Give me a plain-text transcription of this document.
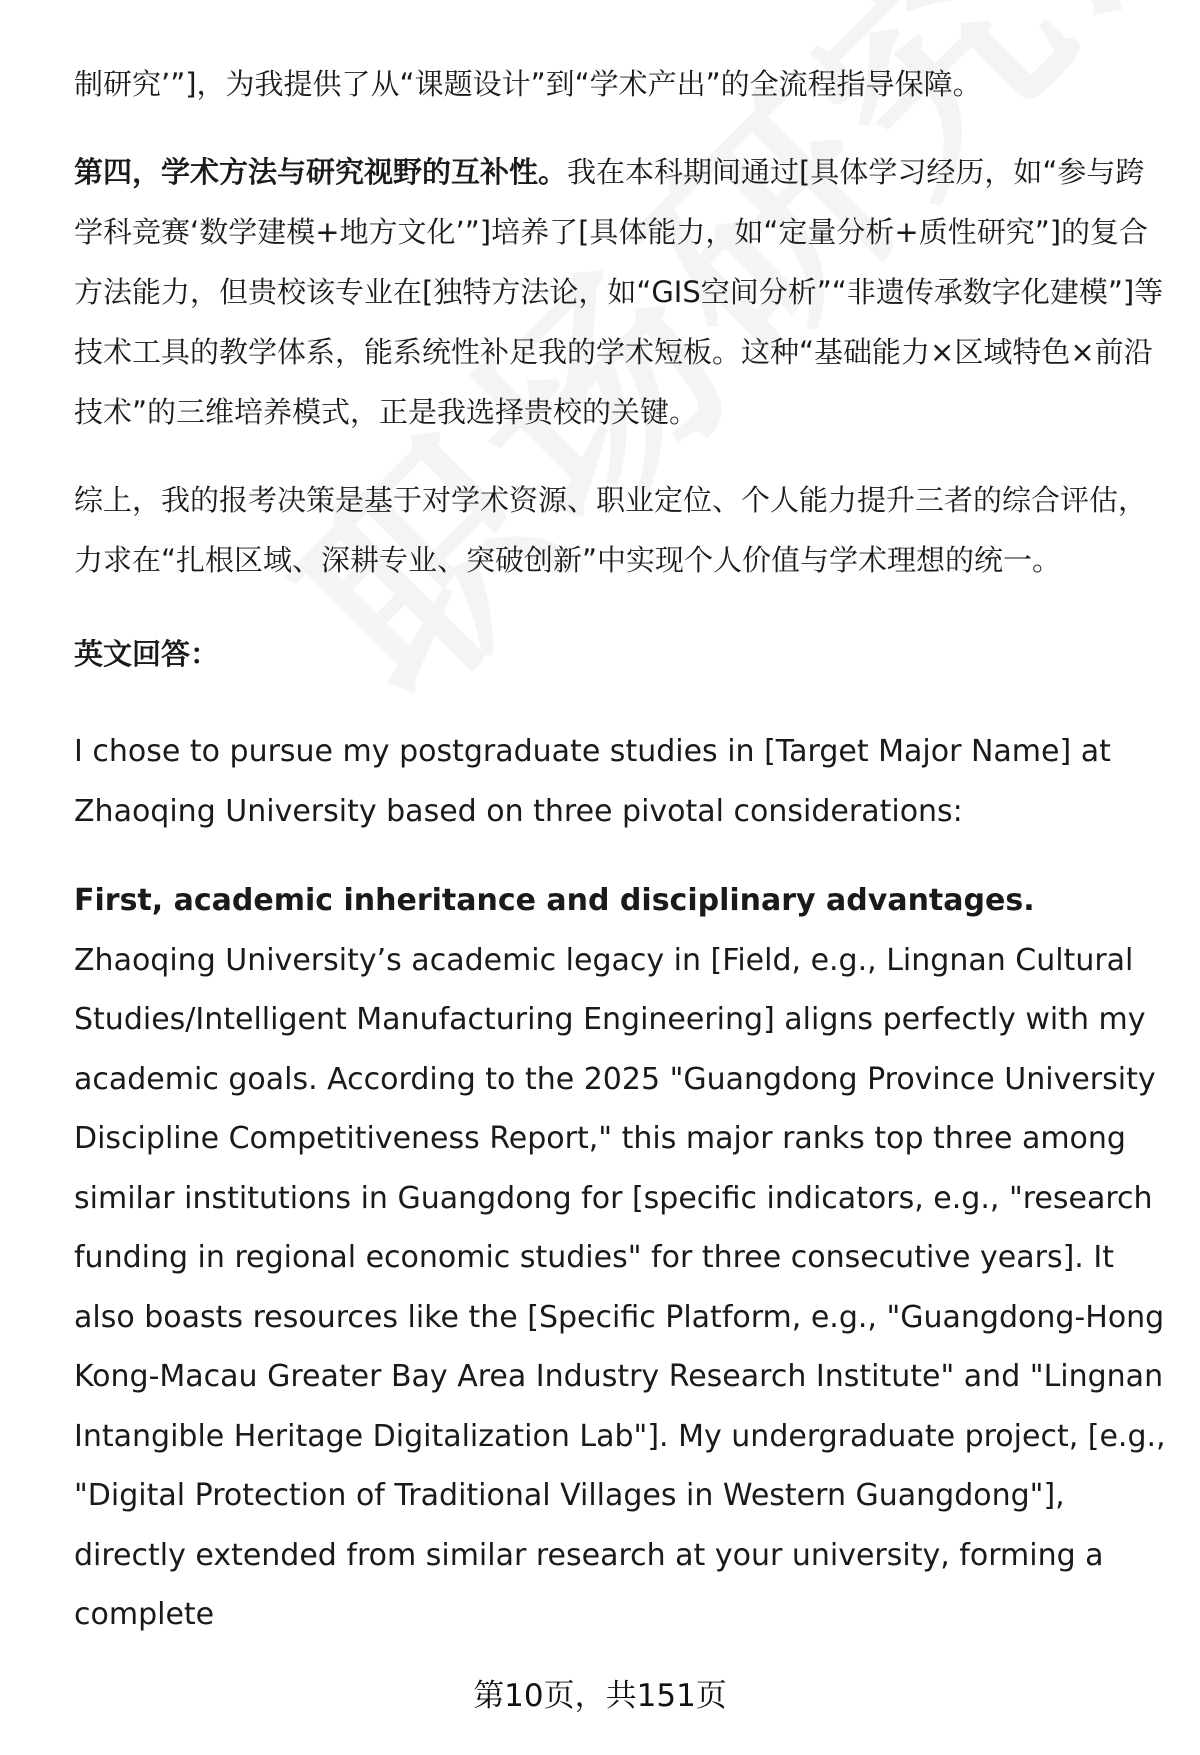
制研究’”]，为我提供了从“课题设计”到“学术产出”的全流程指导保障。

第四，学术方法与研究视野的互补性。我在本科期间通过[具体学习经历，如“参与跨学科竞赛‘数学建模+地方文化’”]培养了[具体能力，如“定量分析+质性研究”]的复合方法能力，但贵校该专业在[独特方法论，如“GIS空间分析”“非遗传承数字化建模”]等技术工具的教学体系，能系统性补足我的学术短板。这种“基础能力×区域特色×前沿技术”的三维培养模式，正是我选择贵校的关键。

综上，我的报考决策是基于对学术资源、职业定位、个人能力提升三者的综合评估，力求在“扎根区域、深耕专业、突破创新”中实现个人价值与学术理想的统一。

英文回答：

I chose to pursue my postgraduate studies in [Target Major Name] at Zhaoqing University based on three pivotal considerations:

First, academic inheritance and disciplinary advantages. Zhaoqing University’s academic legacy in [Field, e.g., Lingnan Cultural Studies/Intelligent Manufacturing Engineering] aligns perfectly with my academic goals. According to the 2025 "Guangdong Province University Discipline Competitiveness Report," this major ranks top three among similar institutions in Guangdong for [specific indicators, e.g., "research funding in regional economic studies" for three consecutive years]. It also boasts resources like the [Specific Platform, e.g., "Guangdong-Hong Kong-Macau Greater Bay Area Industry Research Institute" and "Lingnan Intangible Heritage Digitalization Lab"]. My undergraduate project, [e.g., "Digital Protection of Traditional Villages in Western Guangdong"], directly extended from similar research at your university, forming a complete

第10页，共151页
